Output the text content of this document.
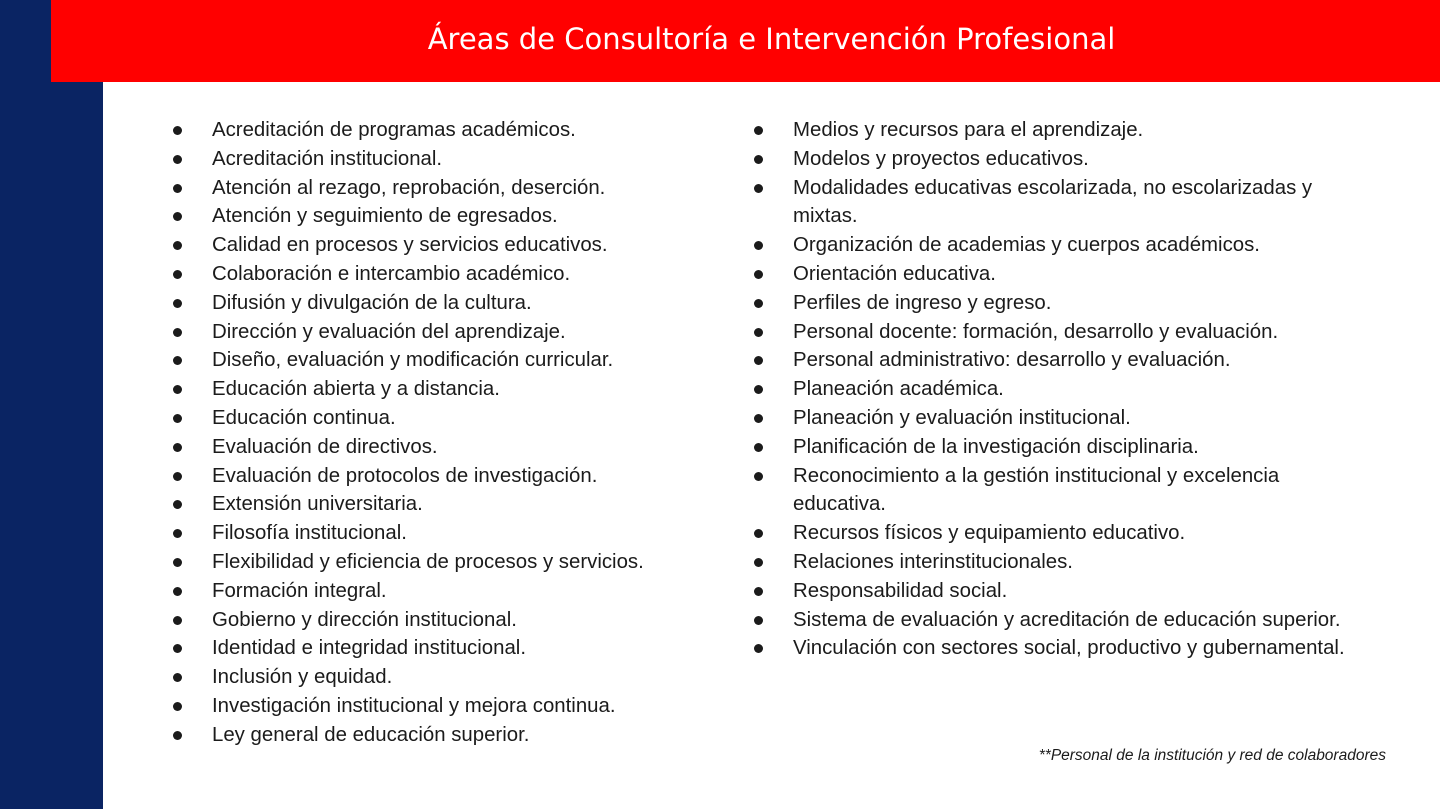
Áreas de Consultoría e Intervención Profesional
Acreditación de programas académicos.
Acreditación institucional.
Atención al rezago, reprobación, deserción.
Atención y seguimiento de egresados.
Calidad en procesos y servicios educativos.
Colaboración e intercambio académico.
Difusión y divulgación de la cultura.
Dirección y evaluación del aprendizaje.
Diseño, evaluación y modificación curricular.
Educación abierta y a distancia.
Educación continua.
Evaluación de directivos.
Evaluación de protocolos de investigación.
Extensión universitaria.
Filosofía institucional.
Flexibilidad y eficiencia de procesos y servicios.
Formación integral.
Gobierno y dirección institucional.
Identidad e integridad institucional.
Inclusión y equidad.
Investigación institucional y mejora continua.
Ley general de educación superior.
Medios y recursos para el aprendizaje.
Modelos y proyectos educativos.
Modalidades educativas escolarizada, no escolarizadas y mixtas.
Organización de academias y cuerpos académicos.
Orientación educativa.
Perfiles de ingreso y egreso.
Personal docente: formación, desarrollo y evaluación.
Personal administrativo: desarrollo y evaluación.
Planeación académica.
Planeación y evaluación institucional.
Planificación de la investigación disciplinaria.
Reconocimiento a la gestión institucional y excelencia educativa.
Recursos físicos y equipamiento educativo.
Relaciones interinstitucionales.
Responsabilidad social.
Sistema de evaluación y acreditación de educación superior.
Vinculación con sectores social, productivo y gubernamental.
**Personal de la institución y red de colaboradores
